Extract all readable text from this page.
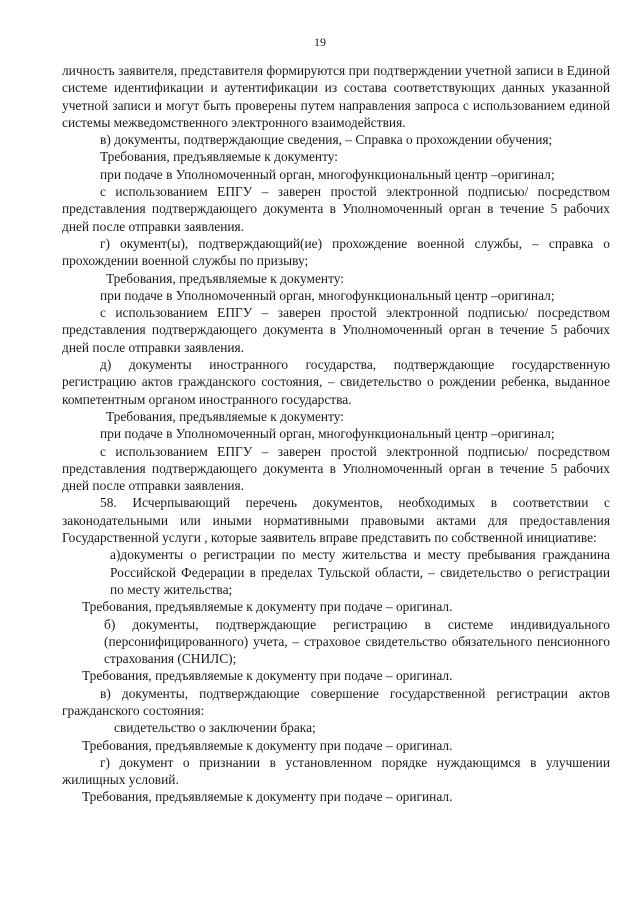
19

личность заявителя, представителя формируются при подтверждении учетной записи в Единой системе идентификации и аутентификации из состава соответствующих данных указанной учетной записи и могут быть проверены путем направления запроса с использованием единой системы межведомственного электронного взаимодействия.

в) документы, подтверждающие сведения, – Справка о прохождении обучения;

Требования, предъявляемые к документу:

при подаче в Уполномоченный орган, многофункциональный центр –оригинал;

с использованием ЕПГУ – заверен простой электронной подписью/ посредством представления подтверждающего документа в Уполномоченный орган в течение 5 рабочих дней после отправки заявления.

г) окумент(ы), подтверждающий(ие) прохождение военной службы, – справка о прохождении военной службы по призыву;

Требования, предъявляемые к документу:

при подаче в Уполномоченный орган, многофункциональный центр –оригинал;

с использованием ЕПГУ – заверен простой электронной подписью/ посредством представления подтверждающего документа в Уполномоченный орган в течение 5 рабочих дней после отправки заявления.

д) документы иностранного государства, подтверждающие государственную регистрацию актов гражданского состояния, – свидетельство о рождении ребенка, выданное компетентным органом иностранного государства.

Требования, предъявляемые к документу:

при подаче в Уполномоченный орган, многофункциональный центр –оригинал;

с использованием ЕПГУ – заверен простой электронной подписью/ посредством представления подтверждающего документа в Уполномоченный орган в течение 5 рабочих дней после отправки заявления.

58. Исчерпывающий перечень документов, необходимых в соответствии с законодательными или иными нормативными правовыми актами для предоставления Государственной услуги , которые заявитель вправе представить по собственной инициативе:

а)документы о регистрации по месту жительства и месту пребывания гражданина Российской Федерации в пределах Тульской области, – свидетельство о регистрации по месту жительства;

Требования, предъявляемые к документу при подаче – оригинал.

б) документы, подтверждающие регистрацию в системе индивидуального (персонифицированного) учета, – страховое свидетельство обязательного пенсионного страхования (СНИЛС);

Требования, предъявляемые к документу при подаче – оригинал.

в) документы, подтверждающие совершение государственной регистрации актов гражданского состояния:

свидетельство о заключении брака;

Требования, предъявляемые к документу при подаче – оригинал.

г) документ о признании в установленном порядке нуждающимся в улучшении жилищных условий.

Требования, предъявляемые к документу при подаче – оригинал.
